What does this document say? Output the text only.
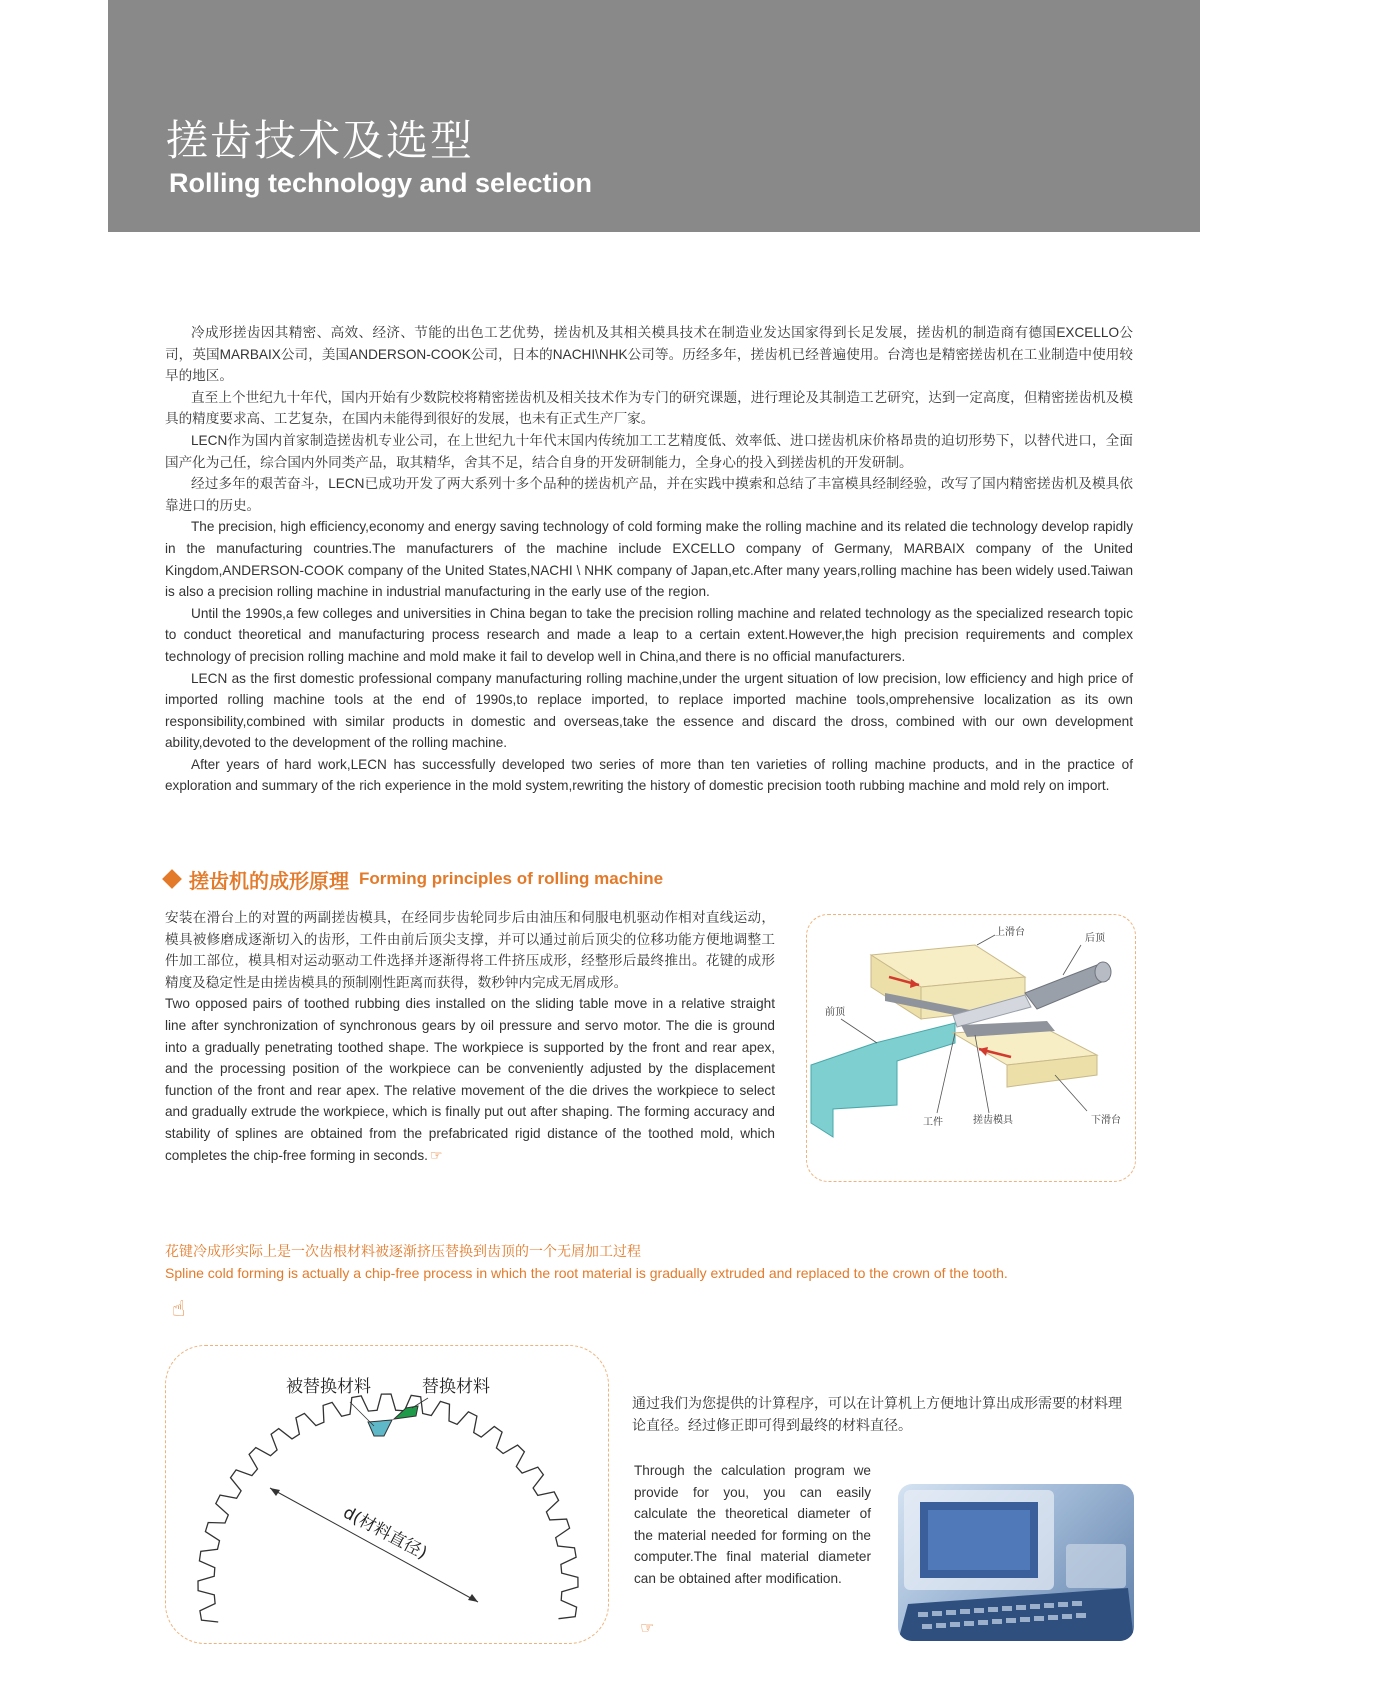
搓齿技术及选型
Rolling technology and selection

冷成形搓齿因其精密、高效、经济、节能的出色工艺优势，搓齿机及其相关模具技术在制造业发达国家得到长足发展，搓齿机的制造商有德国EXCELLO公司，英国MARBAIX公司，美国ANDERSON-COOK公司，日本的NACHI\NHK公司等。历经多年，搓齿机已经普遍使用。台湾也是精密搓齿机在工业制造中使用较早的地区。

直至上个世纪九十年代，国内开始有少数院校将精密搓齿机及相关技术作为专门的研究课题，进行理论及其制造工艺研究，达到一定高度，但精密搓齿机及模具的精度要求高、工艺复杂，在国内未能得到很好的发展，也未有正式生产厂家。

LECN作为国内首家制造搓齿机专业公司，在上世纪九十年代末国内传统加工工艺精度低、效率低、进口搓齿机床价格昂贵的迫切形势下，以替代进口，全面国产化为己任，综合国内外同类产品，取其精华，舍其不足，结合自身的开发研制能力，全身心的投入到搓齿机的开发研制。

经过多年的艰苦奋斗，LECN已成功开发了两大系列十多个品种的搓齿机产品，并在实践中摸索和总结了丰富模具经制经验，改写了国内精密搓齿机及模具依靠进口的历史。

The precision, high efficiency,economy and energy saving technology of cold forming make the rolling machine and its related die technology develop rapidly in the manufacturing countries.The manufacturers of the machine include EXCELLO company of Germany, MARBAIX company of the United Kingdom,ANDERSON-COOK company of the United States,NACHI \ NHK company of Japan,etc.After many years,rolling machine has been widely used.Taiwan is also a precision rolling machine in industrial manufacturing in the early use of the region.

Until the 1990s,a few colleges and universities in China began to take the precision rolling machine and related technology as the specialized research topic to conduct theoretical and manufacturing process research and made a leap to a certain extent.However,the high precision requirements and complex technology of precision rolling machine and mold make it fail to develop well in China,and there is no official manufacturers.

LECN as the first domestic professional company manufacturing rolling machine,under the urgent situation of low precision, low efficiency and high price of imported rolling machine tools at the end of 1990s,to replace imported, to replace imported machine tools,omprehensive localization as its own responsibility,combined with similar products in domestic and overseas,take the essence and discard the dross, combined with our own development ability,devoted to the development of the rolling machine.

After years of hard work,LECN has successfully developed two series of more than ten varieties of rolling machine products, and in the practice of exploration and summary of the rich experience in the mold system,rewriting the history of domestic precision tooth rubbing machine and mold rely on import.

搓齿机的成形原理 Forming principles of rolling machine

安装在滑台上的对置的两副搓齿模具，在经同步齿轮同步后由油压和伺服电机驱动作相对直线运动，模具被修磨成逐渐切入的齿形，工件由前后顶尖支撑，并可以通过前后顶尖的位移功能方便地调整工件加工部位，模具相对运动驱动工件选择并逐渐得将工件挤压成形，经整形后最终推出。花键的成形精度及稳定性是由搓齿模具的预制刚性距离而获得，数秒钟内完成无屑成形。

Two opposed pairs of toothed rubbing dies installed on the sliding table move in a relative straight line after synchronization of synchronous gears by oil pressure and servo motor. The die is ground into a gradually penetrating toothed shape. The workpiece is supported by the front and rear apex, and the processing position of the workpiece can be conveniently adjusted by the displacement function of the front and rear apex. The relative movement of the die drives the workpiece to select and gradually extrude the workpiece, which is finally put out after shaping. The forming accuracy and stability of splines are obtained from the prefabricated rigid distance of the toothed mold, which completes the chip-free forming in seconds. ☞

上滑台
后顶
前顶
工件	搓齿模具	下滑台
花键冷成形实际上是一次齿根材料被逐渐挤压替换到齿顶的一个无屑加工过程
Spline cold forming is actually a chip-free process in which the root material is gradually extruded and replaced to the crown of the tooth.
☝
被替换材料	替换材料
d(材料直径)
通过我们为您提供的计算程序，可以在计算机上方便地计算出成形需要的材料理论直径。经过修正即可得到最终的材料直径。
Through the calculation program we provide for you, you can easily calculate the theoretical diameter of the material needed for forming on the computer.The final material diameter can be obtained after modification.
☞
